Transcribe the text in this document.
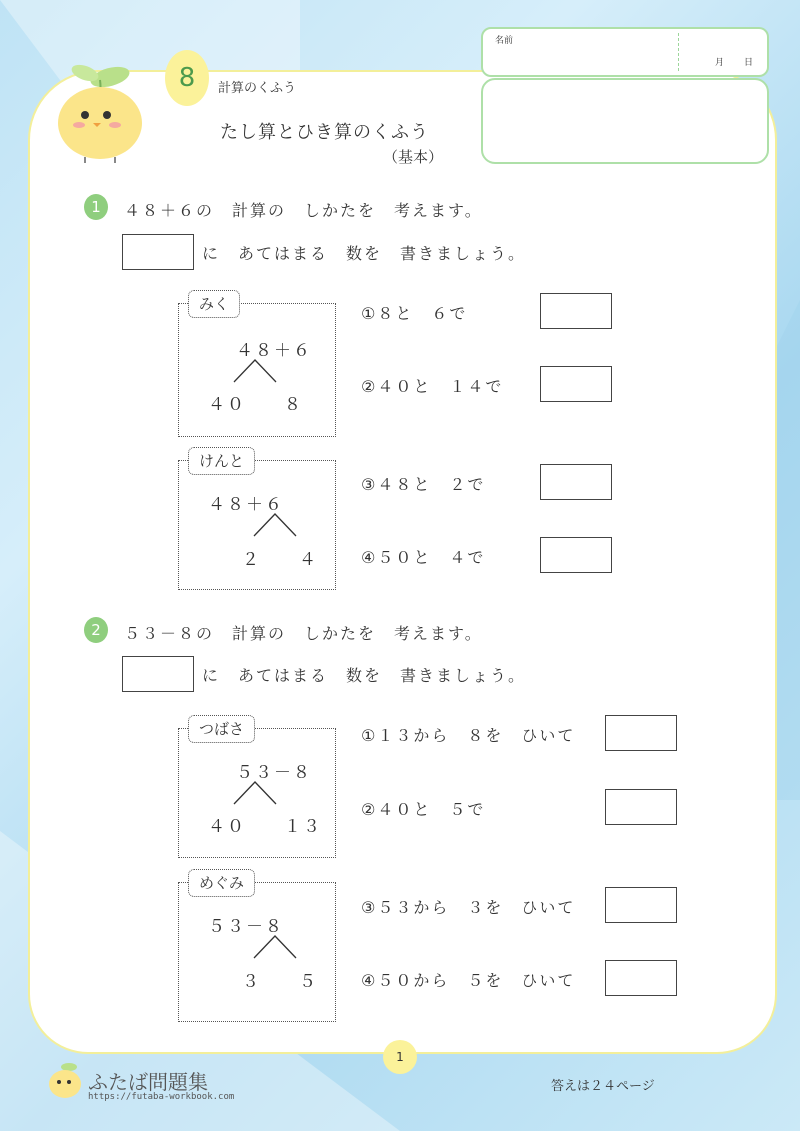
8	計算のくふう
たし算とひき算のくふう
（基本）
名前
月 日
1	４８＋６の　計算の　しかたを　考えます。
に　あてはまる　数を　書きましょう。
みく
４８＋６
４０　　８
けんと
４８＋６
２　　４
①８と　６で
②４０と　１４で
③４８と　２で
④５０と　４で
2	５３－８の　計算の　しかたを　考えます。
に　あてはまる　数を　書きましょう。
つばさ
５３－８
４０　　１３
めぐみ
５３－８
３　　５
①１３から　８を　ひいて
②４０と　５で
③５３から　３を　ひいて
④５０から　５を　ひいて
1
ふたば問題集
https://futaba-workbook.com
答えは２４ページ
